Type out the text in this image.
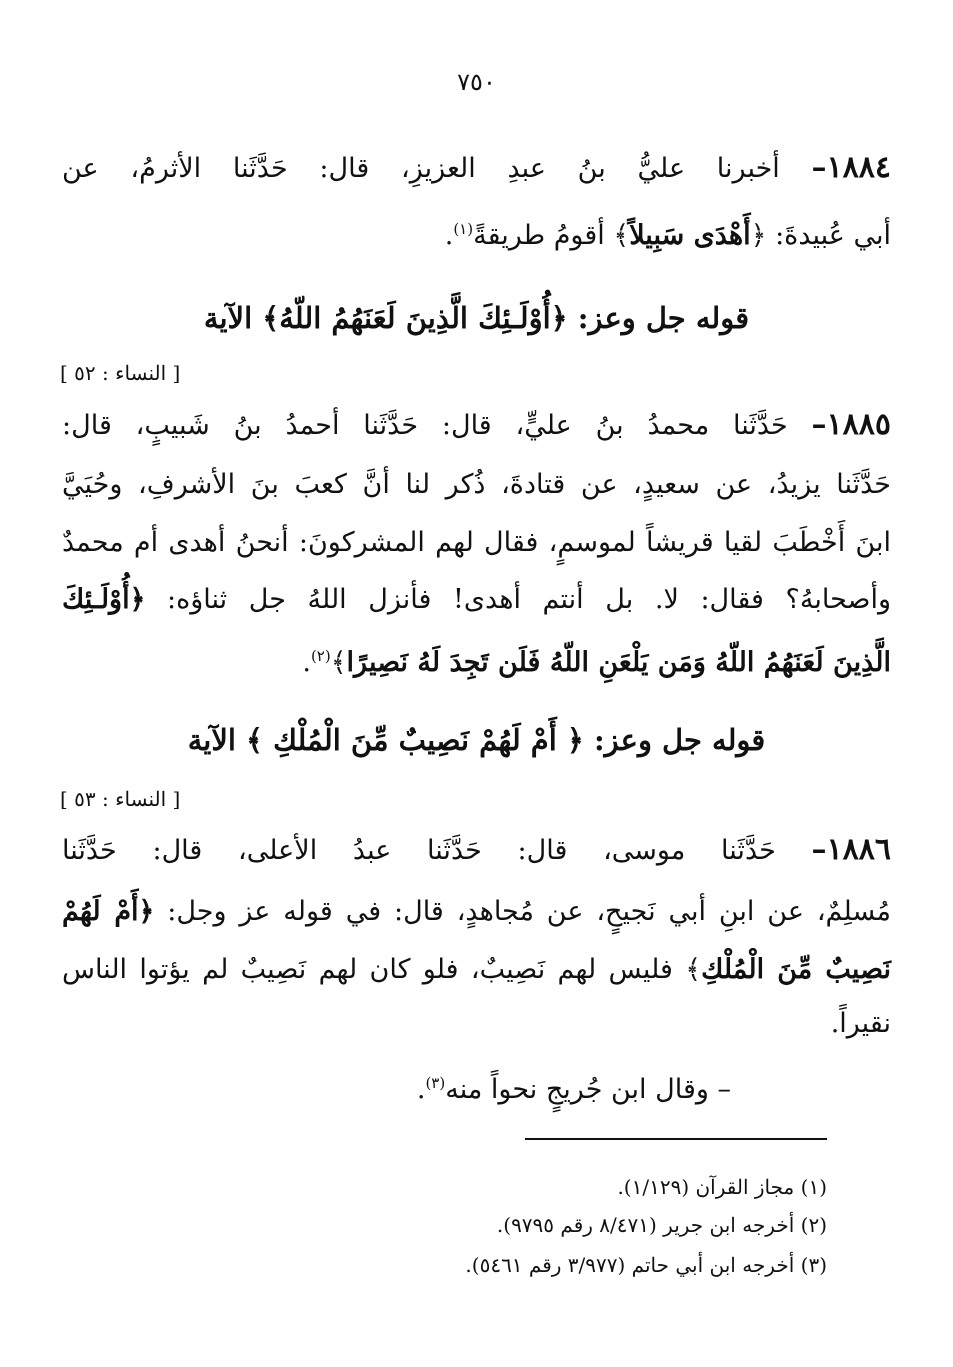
٧٥٠
١٨٨٤– أخبرنا عليُّ بنُ عبدِ العزيزِ، قال: حَدَّثَنا الأثرمُ، عن
أبي عُبيدةَ: ﴿أَهْدَى سَبِيلاً﴾ أقومُ طريقةً$^{(١)}$.
قوله جل وعز: ﴿أُوْلَـئِكَ الَّذِينَ لَعَنَهُمُ اللّهُ﴾ الآية
[ النساء : ٥٢ ]
١٨٨٥– حَدَّثَنا محمدُ بنُ عليٍّ، قال: حَدَّثَنا أحمدُ بنُ شَبيبٍ، قال:
حَدَّثَنا يزيدُ، عن سعيدٍ، عن قتادةَ، ذُكر لنا أنَّ كعبَ بنَ الأشرفِ، وحُيَيَّ
ابنَ أَخْطَبَ لقيا قريشاً لموسمٍ، فقال لهم المشركونَ: أنحنُ أهدى أم محمدٌ
وأصحابهُ؟ فقال: لا. بل أنتم أهدى! فأنزل اللهُ جل ثناؤه: ﴿أُوْلَـئِكَ
الَّذِينَ لَعَنَهُمُ اللّهُ وَمَن يَلْعَنِ اللّهُ فَلَن تَجِدَ لَهُ نَصِيرًا﴾$^{(٢)}$.
قوله جل وعز: ﴿ أَمْ لَهُمْ نَصِيبٌ مِّنَ الْمُلْكِ ﴾ الآية
[ النساء : ٥٣ ]
١٨٨٦– حَدَّثَنا موسى، قال: حَدَّثَنا عبدُ الأعلى، قال: حَدَّثَنا
مُسلِمٌ، عن ابنِ أبي نَجيحٍ، عن مُجاهدٍ، قال: في قوله عز وجل: ﴿أَمْ لَهُمْ
نَصِيبٌ مِّنَ الْمُلْكِ﴾ فليس لهم نَصِيبٌ، فلو كان لهم نَصِيبٌ لم يؤتوا الناس
نقيراً.
– وقال ابن جُريجٍ نحواً منه$^{(٣)}$.
(١) مجاز القرآن (١/١٢٩).
(٢) أخرجه ابن جرير (٨/٤٧١ رقم ٩٧٩٥).
(٣) أخرجه ابن أبي حاتم (٣/٩٧٧ رقم ٥٤٦١).
